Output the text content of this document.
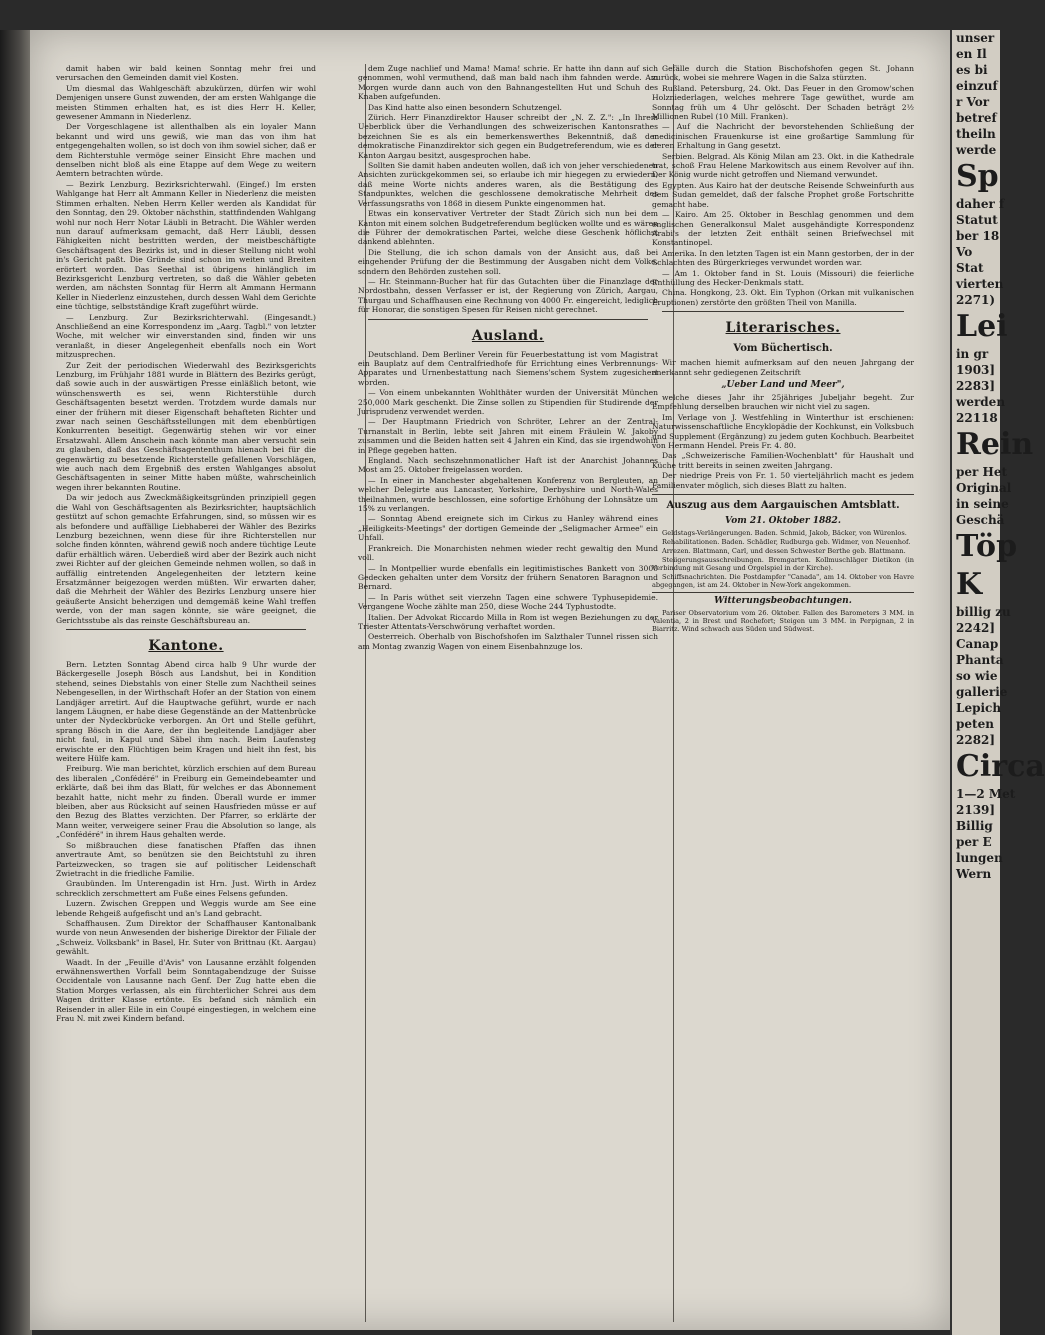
damit haben wir bald keinen Sonntag mehr frei und verursachen den Gemeinden damit viel Kosten.

Um diesmal das Wahlgeschäft abzukürzen, dürfen wir wohl Demjenigen unsere Gunst zuwenden, der am ersten Wahlgange die meisten Stimmen erhalten hat, es ist dies Herr H. Keller, gewesener Ammann in Niederlenz.

Der Vorgeschlagene ist allenthalben als ein loyaler Mann bekannt und wird uns gewiß, wie man das von ihm hat entgegengehalten wollen, so ist doch von ihm sowiel sicher, daß er dem Richterstuhle vermöge seiner Einsicht Ehre machen und denselben nicht bloß als eine Etappe auf dem Wege zu weitern Aemtern betrachten würde.

— Bezirk Lenzburg. Bezirksrichterwahl. (Eingef.) Im ersten Wahlgange hat Herr alt Ammann Keller in Niederlenz die meisten Stimmen erhalten. Neben Herrn Keller werden als Kandidat für den Sonntag, den 29. Oktober nächsthin, stattfindenden Wahlgang wohl nur noch Herr Notar Läubli in Betracht. Die Wähler werden nun darauf aufmerksam gemacht, daß Herr Läubli, dessen Fähigkeiten nicht bestritten werden, der meistbeschäftigte Geschäftsagent des Bezirks ist, und in dieser Stellung nicht wohl in's Gericht paßt. Die Gründe sind schon im weiten und Breiten erörtert worden. Das Seethal ist übrigens hinlänglich im Bezirksgericht Lenzburg vertreten, so daß die Wähler gebeten werden, am nächsten Sonntag für Herrn alt Ammann Hermann Keller in Niederlenz einzustehen, durch dessen Wahl dem Gerichte eine tüchtige, selbstständige Kraft zugeführt würde.

— Lenzburg. Zur Bezirksrichterwahl. (Eingesandt.) Anschließend an eine Korrespondenz im „Aarg. Tagbl." von letzter Woche, mit welcher wir einverstanden sind, finden wir uns veranlaßt, in dieser Angelegenheit ebenfalls noch ein Wort mitzusprechen.

Zur Zeit der periodischen Wiederwahl des Bezirksgerichts Lenzburg, im Frühjahr 1881 wurde in Blättern des Bezirks gerügt, daß sowie auch in der auswärtigen Presse einläßlich betont, wie wünschenswerth es sei, wenn Richterstühle durch Geschäftsagenten besetzt werden. Trotzdem wurde damals nur einer der frühern mit dieser Eigenschaft behafteten Richter und zwar nach seinen Geschäftsstellungen mit dem ebenbürtigen Konkurrenten beseitigt. Gegenwärtig stehen wir vor einer Ersatzwahl. Allem Anschein nach könnte man aber versucht sein zu glauben, daß das Geschäftsagententhum hienach bei für die gegenwärtig zu besetzende Richterstelle gefallenen Vorschlägen, wie auch nach dem Ergebniß des ersten Wahlganges absolut Geschäftsagenten in seiner Mitte haben müßte, wahrscheinlich wegen ihrer bekannten Routine.

Da wir jedoch aus Zweckmäßigkeitsgründen prinzipiell gegen die Wahl von Geschäftsagenten als Bezirksrichter, hauptsächlich gestützt auf schon gemachte Erfahrungen, sind, so müssen wir es als befondere und auffällige Liebhaberei der Wähler des Bezirks Lenzburg bezeichnen, wenn diese für ihre Richterstellen nur solche finden könnten, während gewiß noch andere tüchtige Leute dafür erhältlich wären. Ueberdieß wird aber der Bezirk auch nicht zwei Richter auf der gleichen Gemeinde nehmen wollen, so daß in auffällig eintretenden Angelegenheiten der letztern keine Ersatzmänner beigezogen werden müßten. Wir erwarten daher, daß die Mehrheit der Wähler des Bezirks Lenzburg unsere hier geäußerte Ansicht beherzigen und demgemäß keine Wahl treffen werde, von der man sagen könnte, sie wäre geeignet, die Gerichtsstube als das reinste Geschäftsbureau an.

Kantone.

Bern. Letzten Sonntag Abend circa halb 9 Uhr wurde der Bäckergeselle Joseph Bösch aus Landshut, bei in Kondition stehend, seines Diebstahls von einer Stelle zum Nachtheil seines Nebengesellen, in der Wirthschaft Hofer an der Station von einem Landjäger arretirt. Auf die Hauptwache geführt, wurde er nach langem Läugnen, er habe diese Gegenstände an der Mattenbrücke unter der Nydeckbrücke verborgen. An Ort und Stelle geführt, sprang Bösch in die Aare, der ihn begleitende Landjäger aber nicht faul, in Kapul und Säbel ihm nach. Beim Laufensteg erwischte er den Flüchtigen beim Kragen und hielt ihn fest, bis weitere Hülfe kam.

Freiburg. Wie man berichtet, kürzlich erschien auf dem Bureau des liberalen „Confédéré" in Freiburg ein Gemeindebeamter und erklärte, daß bei ihm das Blatt, für welches er das Abonnement bezahlt hatte, nicht mehr zu finden. Überall wurde er immer bleiben, aber aus Rücksicht auf seinen Hausfrieden müsse er auf den Bezug des Blattes verzichten. Der Pfarrer, so erklärte der Mann weiter, verweigere seiner Frau die Absolution so lange, als „Confédéré" in ihrem Haus gehalten werde.

So mißbrauchen diese fanatischen Pfaffen das ihnen anvertraute Amt, so benützen sie den Beichtstuhl zu ihren Parteizwecken, so tragen sie auf politischer Leidenschaft Zwietracht in die friedliche Familie.

Graubünden. Im Unterengadin ist Hrn. Just. Wirth in Ardez schrecklich zerschmettert am Fuße eines Felsens gefunden.

Luzern. Zwischen Greppen und Weggis wurde am See eine lebende Rehgeiß aufgefischt und an's Land gebracht.

Schaffhausen. Zum Direktor der Schaffhauser Kantonalbank wurde von neun Anwesenden der bisherige Direktor der Filiale der „Schweiz. Volksbank" in Basel, Hr. Suter von Brittnau (Kt. Aargau) gewählt.

Waadt. In der „Feuille d'Avis" von Lausanne erzählt folgenden erwähnenswerthen Vorfall beim Sonntagabendzuge der Suisse Occidentale von Lausanne nach Genf. Der Zug hatte eben die Station Morges verlassen, als ein fürchterlicher Schrei aus dem Wagen dritter Klasse ertönte. Es befand sich nämlich ein Reisender in aller Eile in ein Coupé eingestiegen, in welchem eine Frau N. mit zwei Kindern befand.

dem Zuge nachlief und Mama! Mama! schrie. Er hatte ihn dann auf sich genommen, wohl vermuthend, daß man bald nach ihm fahnden werde. Am Morgen wurde dann auch von den Bahnangestellten Hut und Schuh des Knaben aufgefunden.

Das Kind hatte also einen besondern Schutzengel.

Zürich. Herr Finanzdirektor Hauser schreibt der „N. Z. Z.": „In Ihrem Ueberblick über die Verhandlungen des schweizerischen Kantonsrathes bezeichnen Sie es als ein bemerkenswerthes Bekenntniß, daß der demokratische Finanzdirektor sich gegen ein Budgetreferendum, wie es der Kanton Aargau besitzt, ausgesprochen habe.

Sollten Sie damit haben andeuten wollen, daß ich von jeher verschiedenen Ansichten zurückgekommen sei, so erlaube ich mir hiegegen zu erwiedern, daß meine Worte nichts anderes waren, als die Bestätigung des Standpunktes, welchen die geschlossene demokratische Mehrheit des Verfassungsraths von 1868 in diesem Punkte eingenommen hat.

Etwas ein konservativer Vertreter der Stadt Zürich sich nun bei dem Kanton mit einem solchen Budgetreferendum beglücken wollte und es wären die Führer der demokratischen Partei, welche diese Geschenk höflichst dankend ablehnten.

Die Stellung, die ich schon damals von der Ansicht aus, daß bei eingehender Prüfung der die Bestimmung der Ausgaben nicht dem Volke, sondern den Behörden zustehen soll.

— Hr. Steinmann-Bucher hat für das Gutachten über die Finanzlage der Nordostbahn, dessen Verfasser er ist, der Regierung von Zürich, Aargau, Thurgau und Schaffhausen eine Rechnung von 4000 Fr. eingereicht, lediglich für Honorar, die sonstigen Spesen für Reisen nicht gerechnet.

Ausland.

Deutschland. Dem Berliner Verein für Feuerbestattung ist vom Magistrat ein Bauplatz auf dem Centralfriedhofe für Errichtung eines Verbrennungs-Apparates und Urnenbestattung nach Siemens'schem System zugesichert worden.

— Von einem unbekannten Wohlthäter wurden der Universität München 250,000 Mark geschenkt. Die Zinse sollen zu Stipendien für Studirende der Jurisprudenz verwendet werden.

— Der Hauptmann Friedrich von Schröter, Lehrer an der Zentral-Turnanstalt in Berlin, lebte seit Jahren mit einem Fräulein W. Jakoby zusammen und die Beiden hatten seit 4 Jahren ein Kind, das sie irgendwohin in Pflege gegeben hatten.

England. Nach sechszehnmonatlicher Haft ist der Anarchist Johannes Most am 25. Oktober freigelassen worden.

— In einer in Manchester abgehaltenen Konferenz von Bergleuten, an welcher Delegirte aus Lancaster, Yorkshire, Derbyshire und North-Wales theilnahmen, wurde beschlossen, eine sofortige Erhöhung der Lohnsätze um 15% zu verlangen.

— Sonntag Abend ereignete sich im Cirkus zu Hanley während eines „Heiligkeits-Meetings" der dortigen Gemeinde der „Seligmacher Armee" ein Unfall.

Frankreich. Die Monarchisten nehmen wieder recht gewaltig den Mund voll.

— In Montpellier wurde ebenfalls ein legitimistisches Bankett von 3000 Gedecken gehalten unter dem Vorsitz der frühern Senatoren Baragnon und Bernard.

— In Paris wüthet seit vierzehn Tagen eine schwere Typhusepidemie. Vergangene Woche zählte man 250, diese Woche 244 Typhustodte.

Italien. Der Advokat Riccardo Milla in Rom ist wegen Beziehungen zu der Triester Attentats-Verschwörung verhaftet worden.

Oesterreich. Oberhalb von Bischofshofen im Salzthaler Tunnel rissen sich am Montag zwanzig Wagen von einem Eisenbahnzuge los.

Gefälle durch die Station Bischofshofen gegen St. Johann zurück, wobei sie mehrere Wagen in die Salza stürzten.

Rußland. Petersburg, 24. Okt. Das Feuer in den Gromow'schen Holzniederlagen, welches mehrere Tage gewüthet, wurde am Sonntag früh um 4 Uhr gelöscht. Der Schaden beträgt 2½ Millionen Rubel (10 Mill. Franken).

— Auf die Nachricht der bevorstehenden Schließung der medicinischen Frauenkurse ist eine großartige Sammlung für deren Erhaltung in Gang gesetzt.

Serbien. Belgrad. Als König Milan am 23. Okt. in die Kathedrale trat, schoß Frau Helene Markowitsch aus einem Revolver auf ihn. Der König wurde nicht getroffen und Niemand verwundet.

Egypten. Aus Kairo hat der deutsche Reisende Schweinfurth aus dem Sudan gemeldet, daß der falsche Prophet große Fortschritte gemacht habe.

— Kairo. Am 25. Oktober in Beschlag genommen und dem englischen Generalkonsul Malet ausgehändigte Korrespondenz Arabi's der letzten Zeit enthält seinen Briefwechsel mit Konstantinopel.

Amerika. In den letzten Tagen ist ein Mann gestorben, der in der Schlachten des Bürgerkrieges verwundet worden war.

— Am 1. Oktober fand in St. Louis (Missouri) die feierliche Enthüllung des Hecker-Denkmals statt.

China. Hongkong, 23. Okt. Ein Typhon (Orkan mit vulkanischen Eruptionen) zerstörte den größten Theil von Manilla.

Literarisches.
Vom Büchertisch.

Wir machen hiemit aufmerksam auf den neuen Jahrgang der anerkannt sehr gediegenen Zeitschrift

„Ueber Land und Meer",

welche dieses Jahr ihr 25jähriges Jubeljahr begeht. Zur Empfehlung derselben brauchen wir nicht viel zu sagen.

Im Verlage von J. Westfehling in Winterthur ist erschienen: Naturwissenschaftliche Encyklopädie der Kochkunst, ein Volksbuch und Supplement (Ergänzung) zu jedem guten Kochbuch. Bearbeitet von Hermann Hendel. Preis Fr. 4. 80.

Das „Schweizerische Familien-Wochenblatt" für Haushalt und Küche tritt bereits in seinen zweiten Jahrgang.

Der niedrige Preis von Fr. 1. 50 vierteljährlich macht es jedem Familienvater möglich, sich dieses Blatt zu halten.

Auszug aus dem Aargauischen Amtsblatt.
Vom 21. Oktober 1882.

Geldstags-Verlängerungen. Baden. Schmid, Jakob, Bäcker, von Würenlos.

Rehabilitationen. Baden. Schädler, Rudburga geb. Widmer, von Neuenhof.

Arrezen. Blattmann, Carl, und dessen Schwester Berthe geb. Blattmann.

Steiigerungsausschreibungen. Bremgarten. Kollmuschläger Dietikon (in Verbindung mit Gesang und Orgelspiel in der Kirche).

Schiffsnachrichten. Die Postdampfer "Canada", am 14. Oktober von Havre abgegangen, ist am 24. Oktober in New-York angekommen.

Witterungsbeobachtungen.

Pariser Observatorium vom 26. Oktober. Fallen des Barometers 3 MM. in Valentia, 2 in Brest und Rochefort; Steigen um 3 MM. in Perpignan, 2 in Biarritz. Wind schwach aus Süden und Südwest.

unser
en Il
es bi
einzuf
r Vor
betref
theiln
werde
Sp
daher f
Statut
ber 18
Vo
Stat
vierten
2271)
Lei
in gr
1903]
2283]
werden
22118
Rein
per Het
Original
in seine
Geschä
Töp
K
billig zu
2242]
Canap
Phanta
so wie
gallerie
Lepich
peten
2282]
Circa
1—2 Met
2139]
Billig
per E
lungen
Wern
